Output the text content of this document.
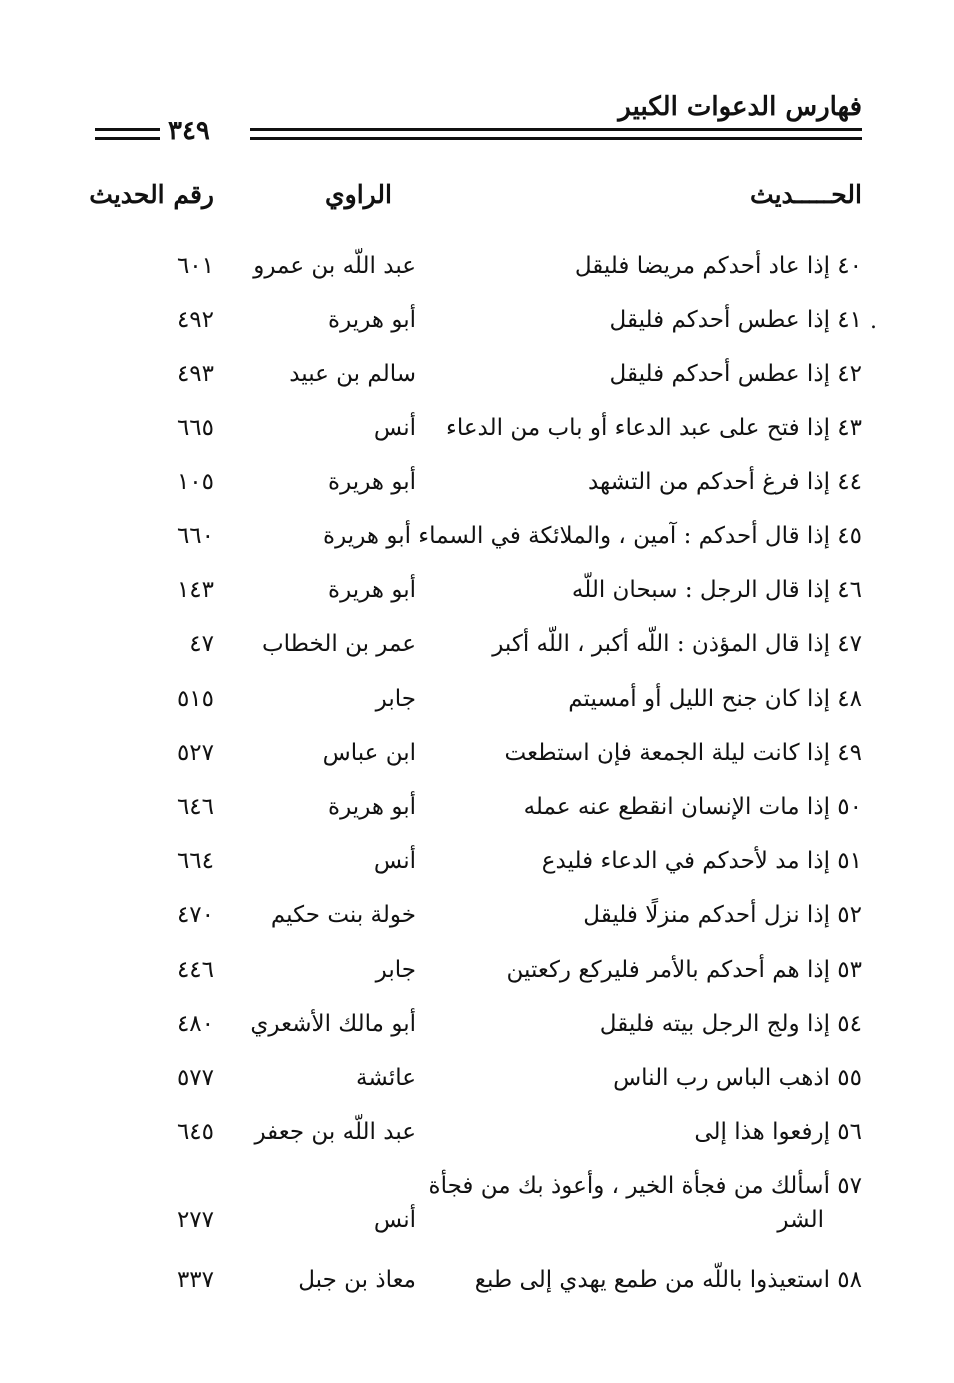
فهارس الدعوات الكبير
٣٤٩
الحـــــديث
الراوي
رقم الحديث
.
٤٠ إذا عاد أحدكم مريضا فليقل
عبد اللّه بن عمرو
٦٠١
٤١ إذا عطس أحدكم فليقل
أبو هريرة
٤٩٢
٤٢ إذا عطس أحدكم فليقل
سالم بن عبيد
٤٩٣
٤٣ إذا فتح على عبد الدعاء أو باب من الدعاء
أنس
٦٦٥
٤٤ إذا فرغ أحدكم من التشهد
أبو هريرة
١٠٥
٤٥ إذا قال أحدكم : آمين ، والملائكة في السماء أبو هريرة
٦٦٠
٤٦ إذا قال الرجل : سبحان اللّه
أبو هريرة
١٤٣
٤٧ إذا قال المؤذن : اللّه أكبر ، اللّه أكبر
عمر بن الخطاب
٤٧
٤٨ إذا كان جنح الليل أو أمسيتم
جابر
٥١٥
٤٩ إذا كانت ليلة الجمعة فإن استطعت
ابن عباس
٥٢٧
٥٠ إذا مات الإنسان انقطع عنه عمله
أبو هريرة
٦٤٦
٥١ إذا مد لأحدكم في الدعاء فليدع
أنس
٦٦٤
٥٢ إذا نزل أحدكم منزلًا فليقل
خولة بنت حكيم
٤٧٠
٥٣ إذا هم أحدكم بالأمر فليركع ركعتين
جابر
٤٤٦
٥٤ إذا ولج الرجل بيته فليقل
أبو مالك الأشعري
٤٨٠
٥٥ اذهب الباس رب الناس
عائشة
٥٧٧
٥٦ إرفعوا هذا إلى
عبد اللّه بن جعفر
٦٤٥
٥٧ أسألك من فجأة الخير ، وأعوذ بك من فجأة
الشر
أنس
٢٧٧
٥٨ استعيذوا باللّه من طمع يهدي إلى طبع
معاذ بن جبل
٣٣٧
